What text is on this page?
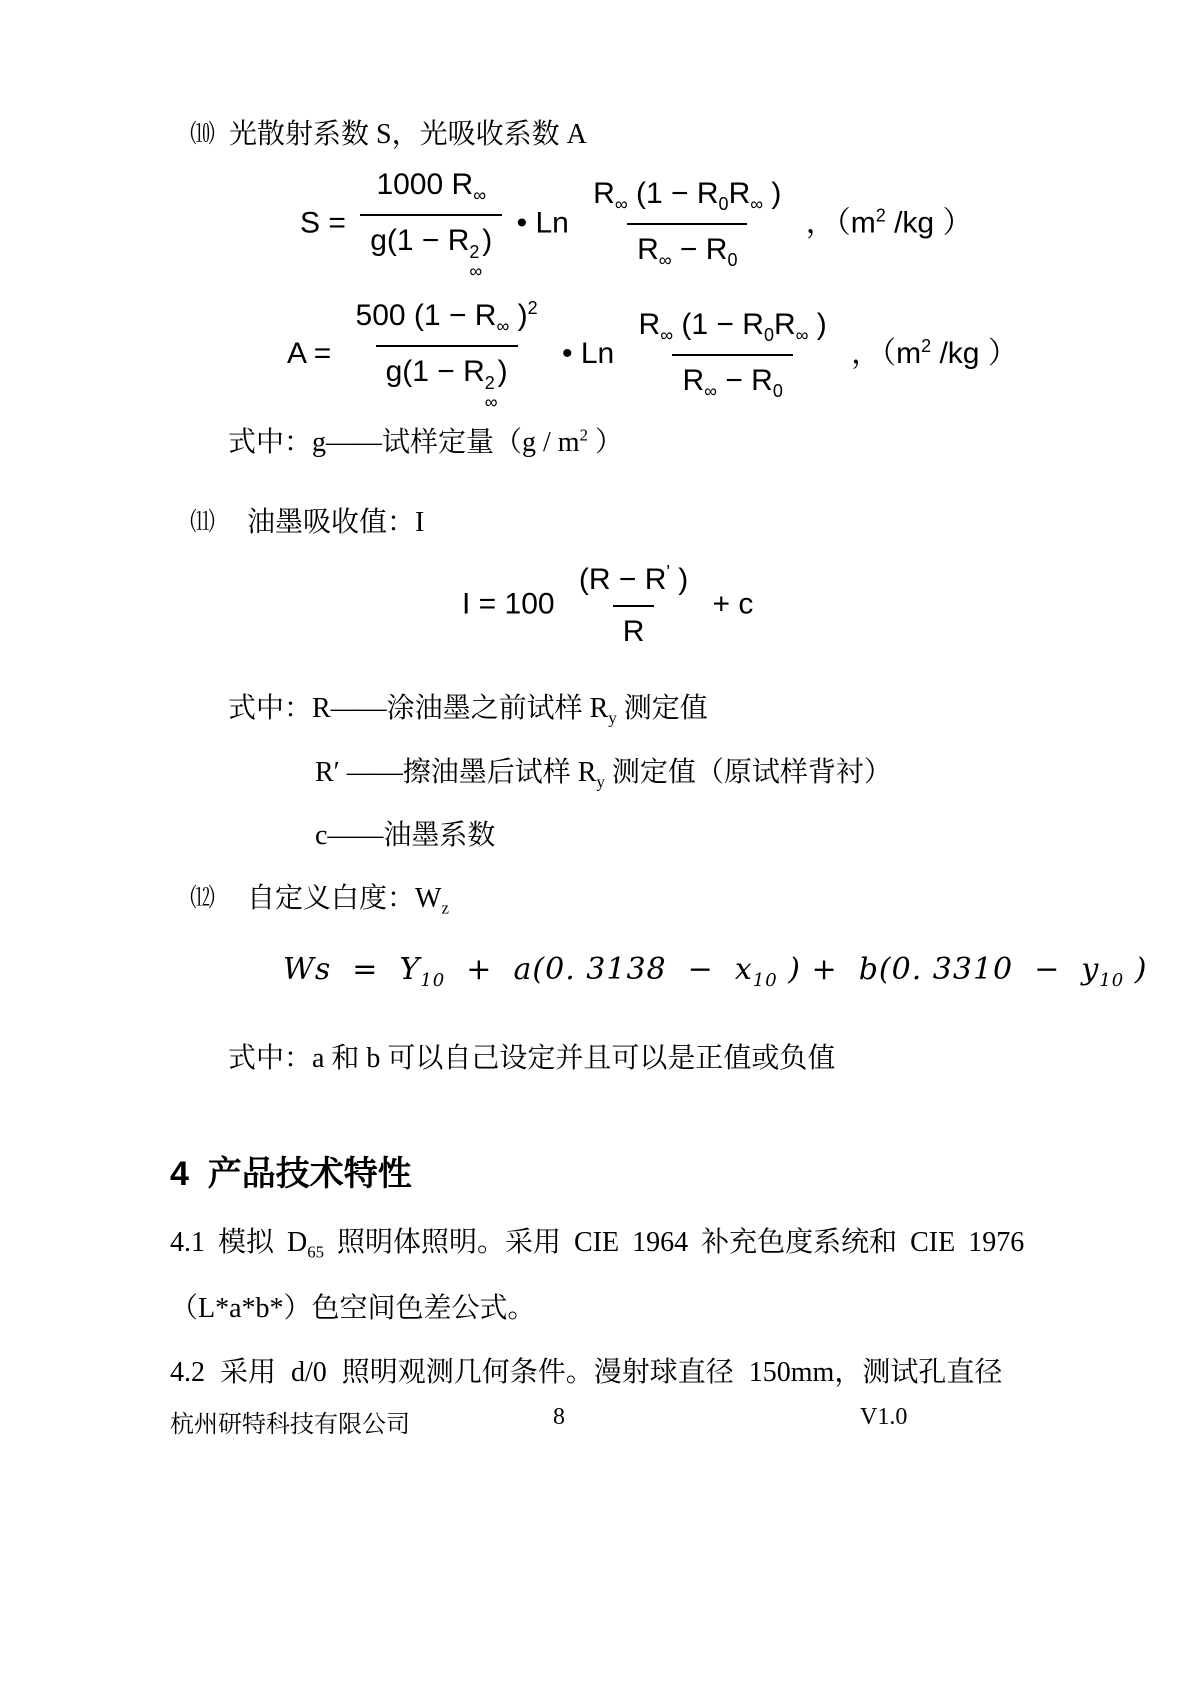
⑽ 光散射系数 S，光吸收系数 A
S = 1000 $R_\infty$
g(1 − R 2
∞
) • Ln $\frac{R_\infty (1 - R_0R_\infty )}{R_\infty - R_0}$ ，（$m^2$ /kg ）
A = 500 ($1 - R_\infty$ )$^2$
g(1 − R 2
∞
) • Ln $\frac{R_\infty (1 - R_0R_\infty )}{R_\infty - R_0}$ ，（$m^2$ /kg ）
式中：g——试样定量（$g / m^2$ ）
⑾ 油墨吸收值：I
$I = 100 \frac{(R - R' )}{R} + c$
式中：R——涂油墨之前试样 $R_y$ 测定值
R′ ——擦油墨后试样 $R_y$ 测定值（原试样背衬）
c——油墨系数
⑿ 自定义白度：$W_z$
$Ws = Y_{10} + a(0$. $3138 - x_{10}$ ) +  b(0. $3310 - y_{10}$ )
式中：a 和 b 可以自己设定并且可以是正值或负值
4  产品技术特性
4.1 模拟 $D_{65}$ 照明体照明。采用 CIE 1964 补充色度系统和 CIE 1976
（L*a*b*）色空间色差公式。
4.2 采用 d/0 照明观测几何条件。漫射球直径 150mm，测试孔直径
杭州研特科技有限公司	8	V1.0
